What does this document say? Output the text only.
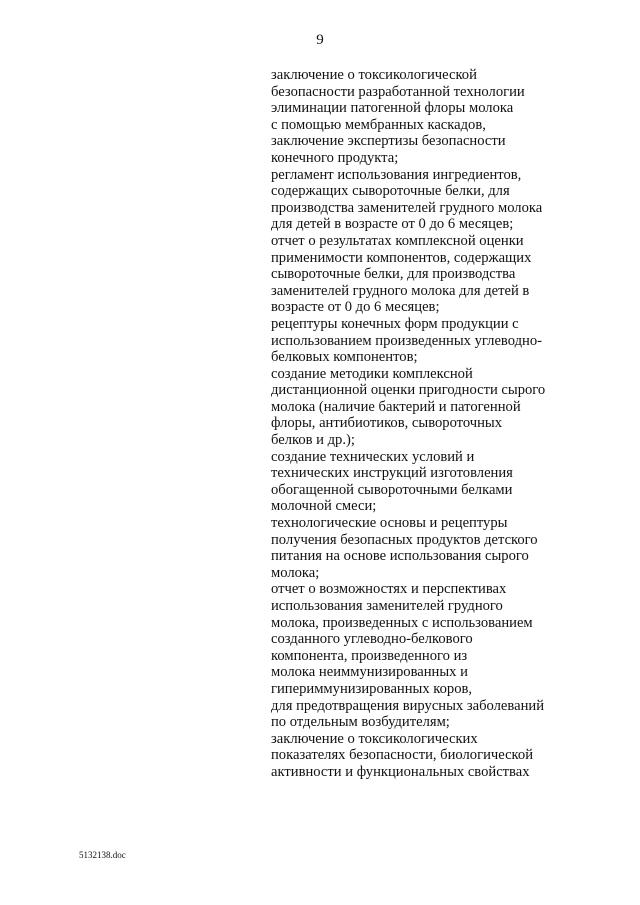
9
заключение о токсикологической
безопасности разработанной технологии
элиминации патогенной флоры молока
с помощью мембранных каскадов,
заключение экспертизы безопасности
конечного продукта;
регламент использования ингредиентов,
содержащих сывороточные белки, для
производства заменителей грудного молока
для детей в возрасте от 0 до 6 месяцев;
отчет о результатах комплексной оценки
применимости компонентов, содержащих
сывороточные белки, для производства
заменителей грудного молока для детей в
возрасте от 0 до 6 месяцев;
рецептуры конечных форм продукции с
использованием произведенных углеводно-
белковых компонентов;
создание методики комплексной
дистанционной оценки пригодности сырого
молока (наличие бактерий и патогенной
флоры, антибиотиков, сывороточных
белков и др.);
создание технических условий и
технических инструкций изготовления
обогащенной сывороточными белками
молочной смеси;
технологические основы и рецептуры
получения безопасных продуктов детского
питания на основе использования сырого
молока;
отчет о возможностях и перспективах
использования заменителей грудного
молока, произведенных с использованием
созданного углеводно-белкового
компонента, произведенного из
молока неиммунизированных и
гипериммунизированных коров,
для предотвращения вирусных заболеваний
по отдельным возбудителям;
заключение о токсикологических
показателях безопасности, биологической
активности и функциональных свойствах
5132138.doc
